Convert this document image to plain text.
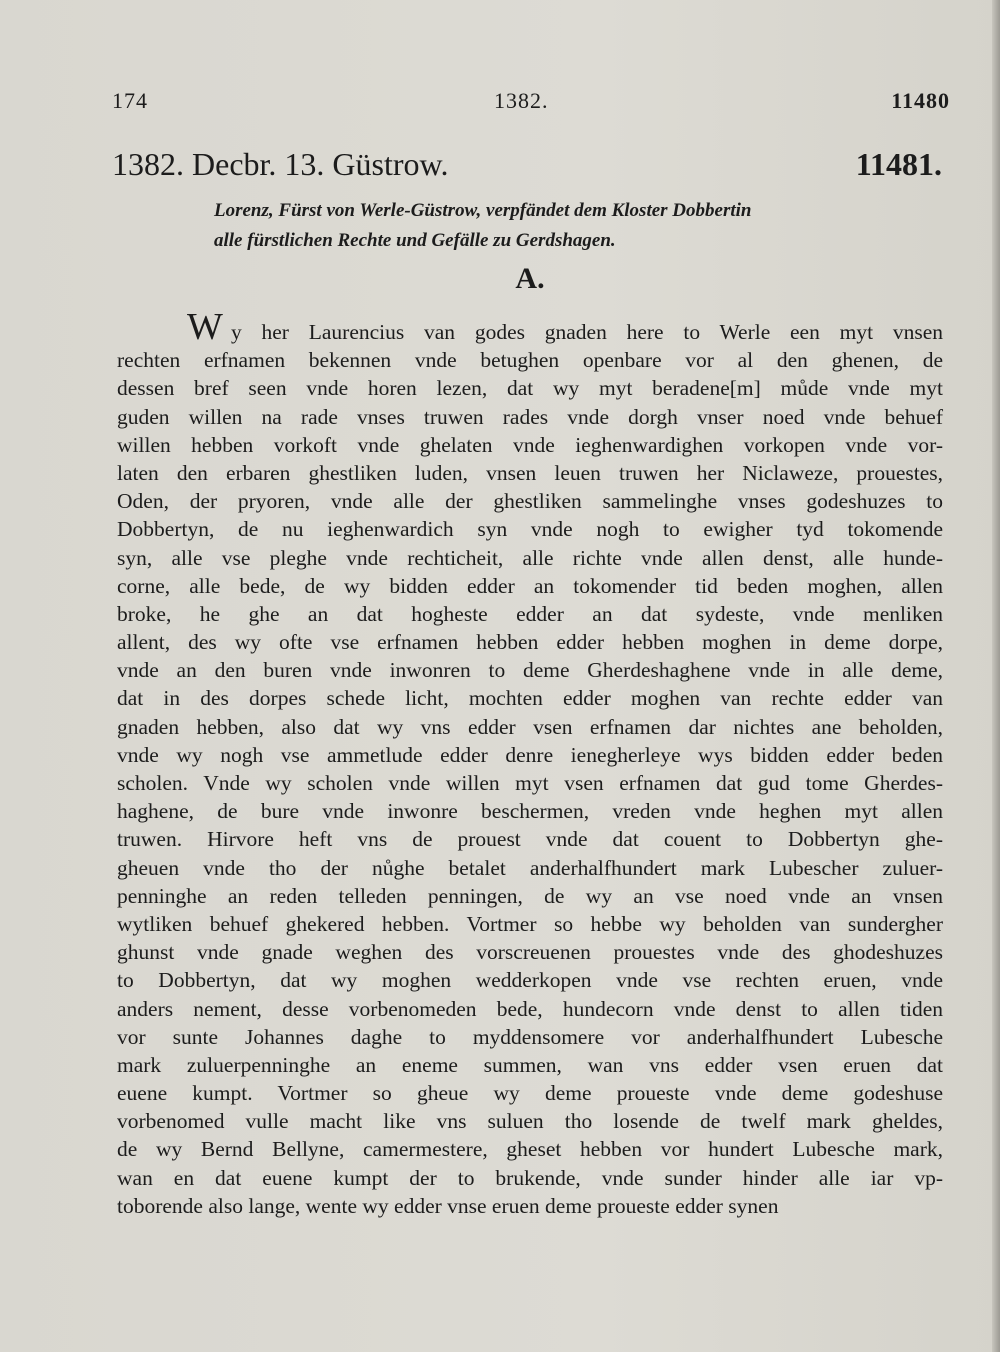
174	1382.	11480
1382. Decbr. 13. Güstrow.	11481.
Lorenz, Fürst von Werle-Güstrow, verpfändet dem Kloster Dobbertin
alle fürstlichen Rechte und Gefälle zu Gerdshagen.
A.
W y her Laurencius van godes gnaden here to Werle een myt vnsen
rechten erfnamen bekennen vnde betughen openbare vor al den ghenen, de
dessen bref seen vnde horen lezen, dat wy myt beradene[m] můde vnde myt
guden willen na rade vnses truwen rades vnde dorgh vnser noed vnde behuef
willen hebben vorkoft vnde ghelaten vnde ieghenwardighen vorkopen vnde vor-
laten den erbaren ghestliken luden, vnsen leuen truwen her Niclaweze, prouestes,
Oden, der pryoren, vnde alle der ghestliken sammelinghe vnses godeshuzes to
Dobbertyn, de nu ieghenwardich syn vnde nogh to ewigher tyd tokomende
syn, alle vse pleghe vnde rechticheit, alle richte vnde allen denst, alle hunde-
corne, alle bede, de wy bidden edder an tokomender tid beden moghen, allen
broke, he ghe an dat hogheste edder an dat sydeste, vnde menliken
allent, des wy ofte vse erfnamen hebben edder hebben moghen in deme dorpe,
vnde an den buren vnde inwonren to deme Gherdeshaghene vnde in alle deme,
dat in des dorpes schede licht, mochten edder moghen van rechte edder van
gnaden hebben, also dat wy vns edder vsen erfnamen dar nichtes ane beholden,
vnde wy nogh vse ammetlude edder denre ienegherleye wys bidden edder beden
scholen. Vnde wy scholen vnde willen myt vsen erfnamen dat gud tome Gherdes-
haghene, de bure vnde inwonre beschermen, vreden vnde heghen myt allen
truwen. Hirvore heft vns de prouest vnde dat couent to Dobbertyn ghe-
gheuen vnde tho der nůghe betalet anderhalfhundert mark Lubescher zuluer-
penninghe an reden telleden penningen, de wy an vse noed vnde an vnsen
wytliken behuef ghekered hebben. Vortmer so hebbe wy beholden van sundergher
ghunst vnde gnade weghen des vorscreuenen prouestes vnde des ghodeshuzes
to Dobbertyn, dat wy moghen wedderkopen vnde vse rechten eruen, vnde
anders nement, desse vorbenomeden bede, hundecorn vnde denst to allen tiden
vor sunte Johannes daghe to myddensomere vor anderhalfhundert Lubesche
mark zuluerpenninghe an eneme summen, wan vns edder vsen eruen dat
euene kumpt. Vortmer so gheue wy deme proueste vnde deme godeshuse
vorbenomed vulle macht like vns suluen tho losende de twelf mark gheldes,
de wy Bernd Bellyne, camermestere, gheset hebben vor hundert Lubesche mark,
wan en dat euene kumpt der to brukende, vnde sunder hinder alle iar vp-
toborende also lange, wente wy edder vnse eruen deme proueste edder synen
